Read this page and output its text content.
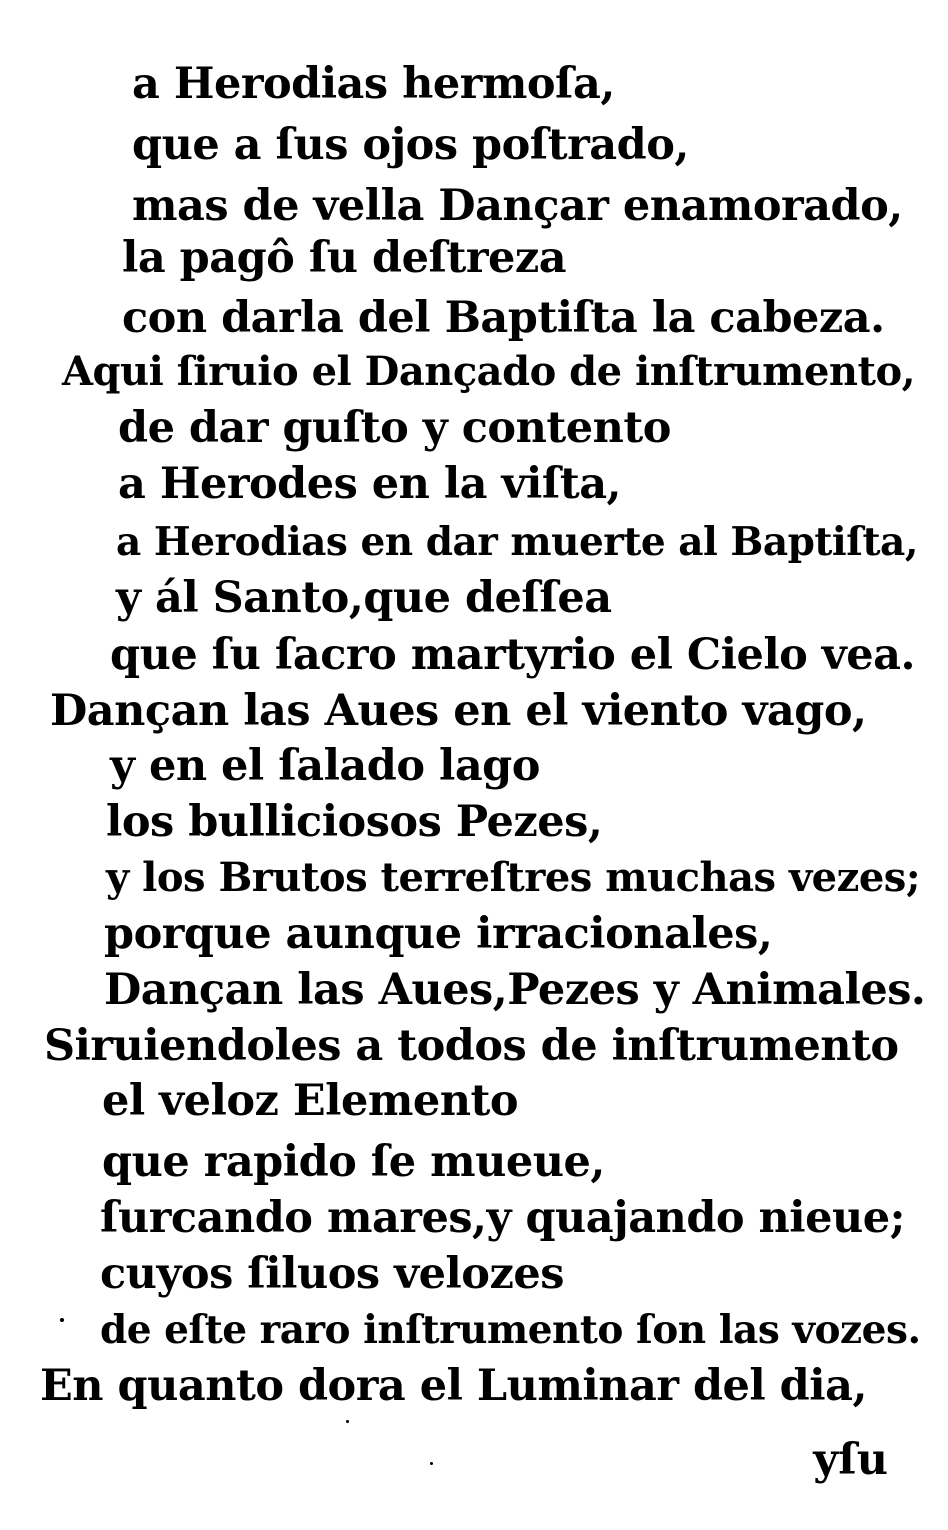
a Herodias hermoſa,
que a ſus ojos poſtrado,
mas de vella Dançar enamorado,
la pagô ſu deſtreza
con darla del Baptiſta la cabeza.
Aqui ſiruio el Dançado de inſtrumento,
de dar guſto y contento
a Herodes en la viſta,
a Herodias en dar muerte al Baptiſta,
y ál Santo,que deſſea
que ſu ſacro martyrio el Cielo vea.
Dançan las Aues en el viento vago,
y en el ſalado lago
los bulliciosos Pezes,
y los Brutos terreſtres muchas vezes;
porque aunque irracionales,
Dançan las Aues,Pezes y Animales.
Siruiendoles a todos de inſtrumento
el veloz Elemento
que rapido ſe mueue,
ſurcando mares,y quajando nieue;
cuyos ſiluos velozes
de eſte raro inſtrumento ſon las vozes.
En quanto dora el Luminar del dia,
yſu
